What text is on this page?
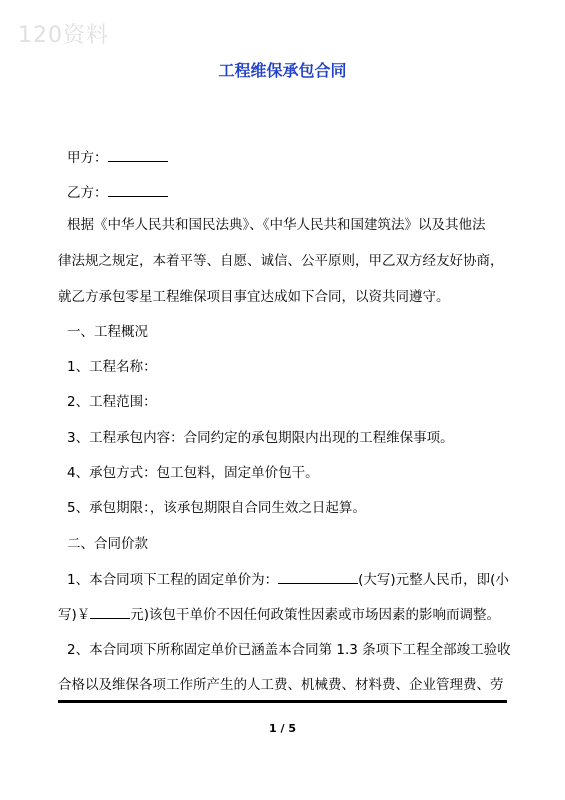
120资料
工程维保承包合同
甲方：
乙方：
根据《中华人民共和国民法典》、《中华人民共和国建筑法》以及其他法
律法规之规定，本着平等、自愿、诚信、公平原则，甲乙双方经友好协商，
就乙方承包零星工程维保项目事宜达成如下合同，以资共同遵守。
一、工程概况
1、工程名称：
2、工程范围：
3、工程承包内容：合同约定的承包期限内出现的工程维保事项。
4、承包方式：包工包料，固定单价包干。
5、承包期限：，该承包期限自合同生效之日起算。
二、合同价款
1、本合同项下工程的固定单价为：	(大写)元整人民币，即(小
写)￥	元)该包干单价不因任何政策性因素或市场因素的影响而调整。
2、本合同项下所称固定单价已涵盖本合同第 1.3 条项下工程全部竣工验收
合格以及维保各项工作所产生的人工费、机械费、材料费、企业管理费、劳
1 / 5
